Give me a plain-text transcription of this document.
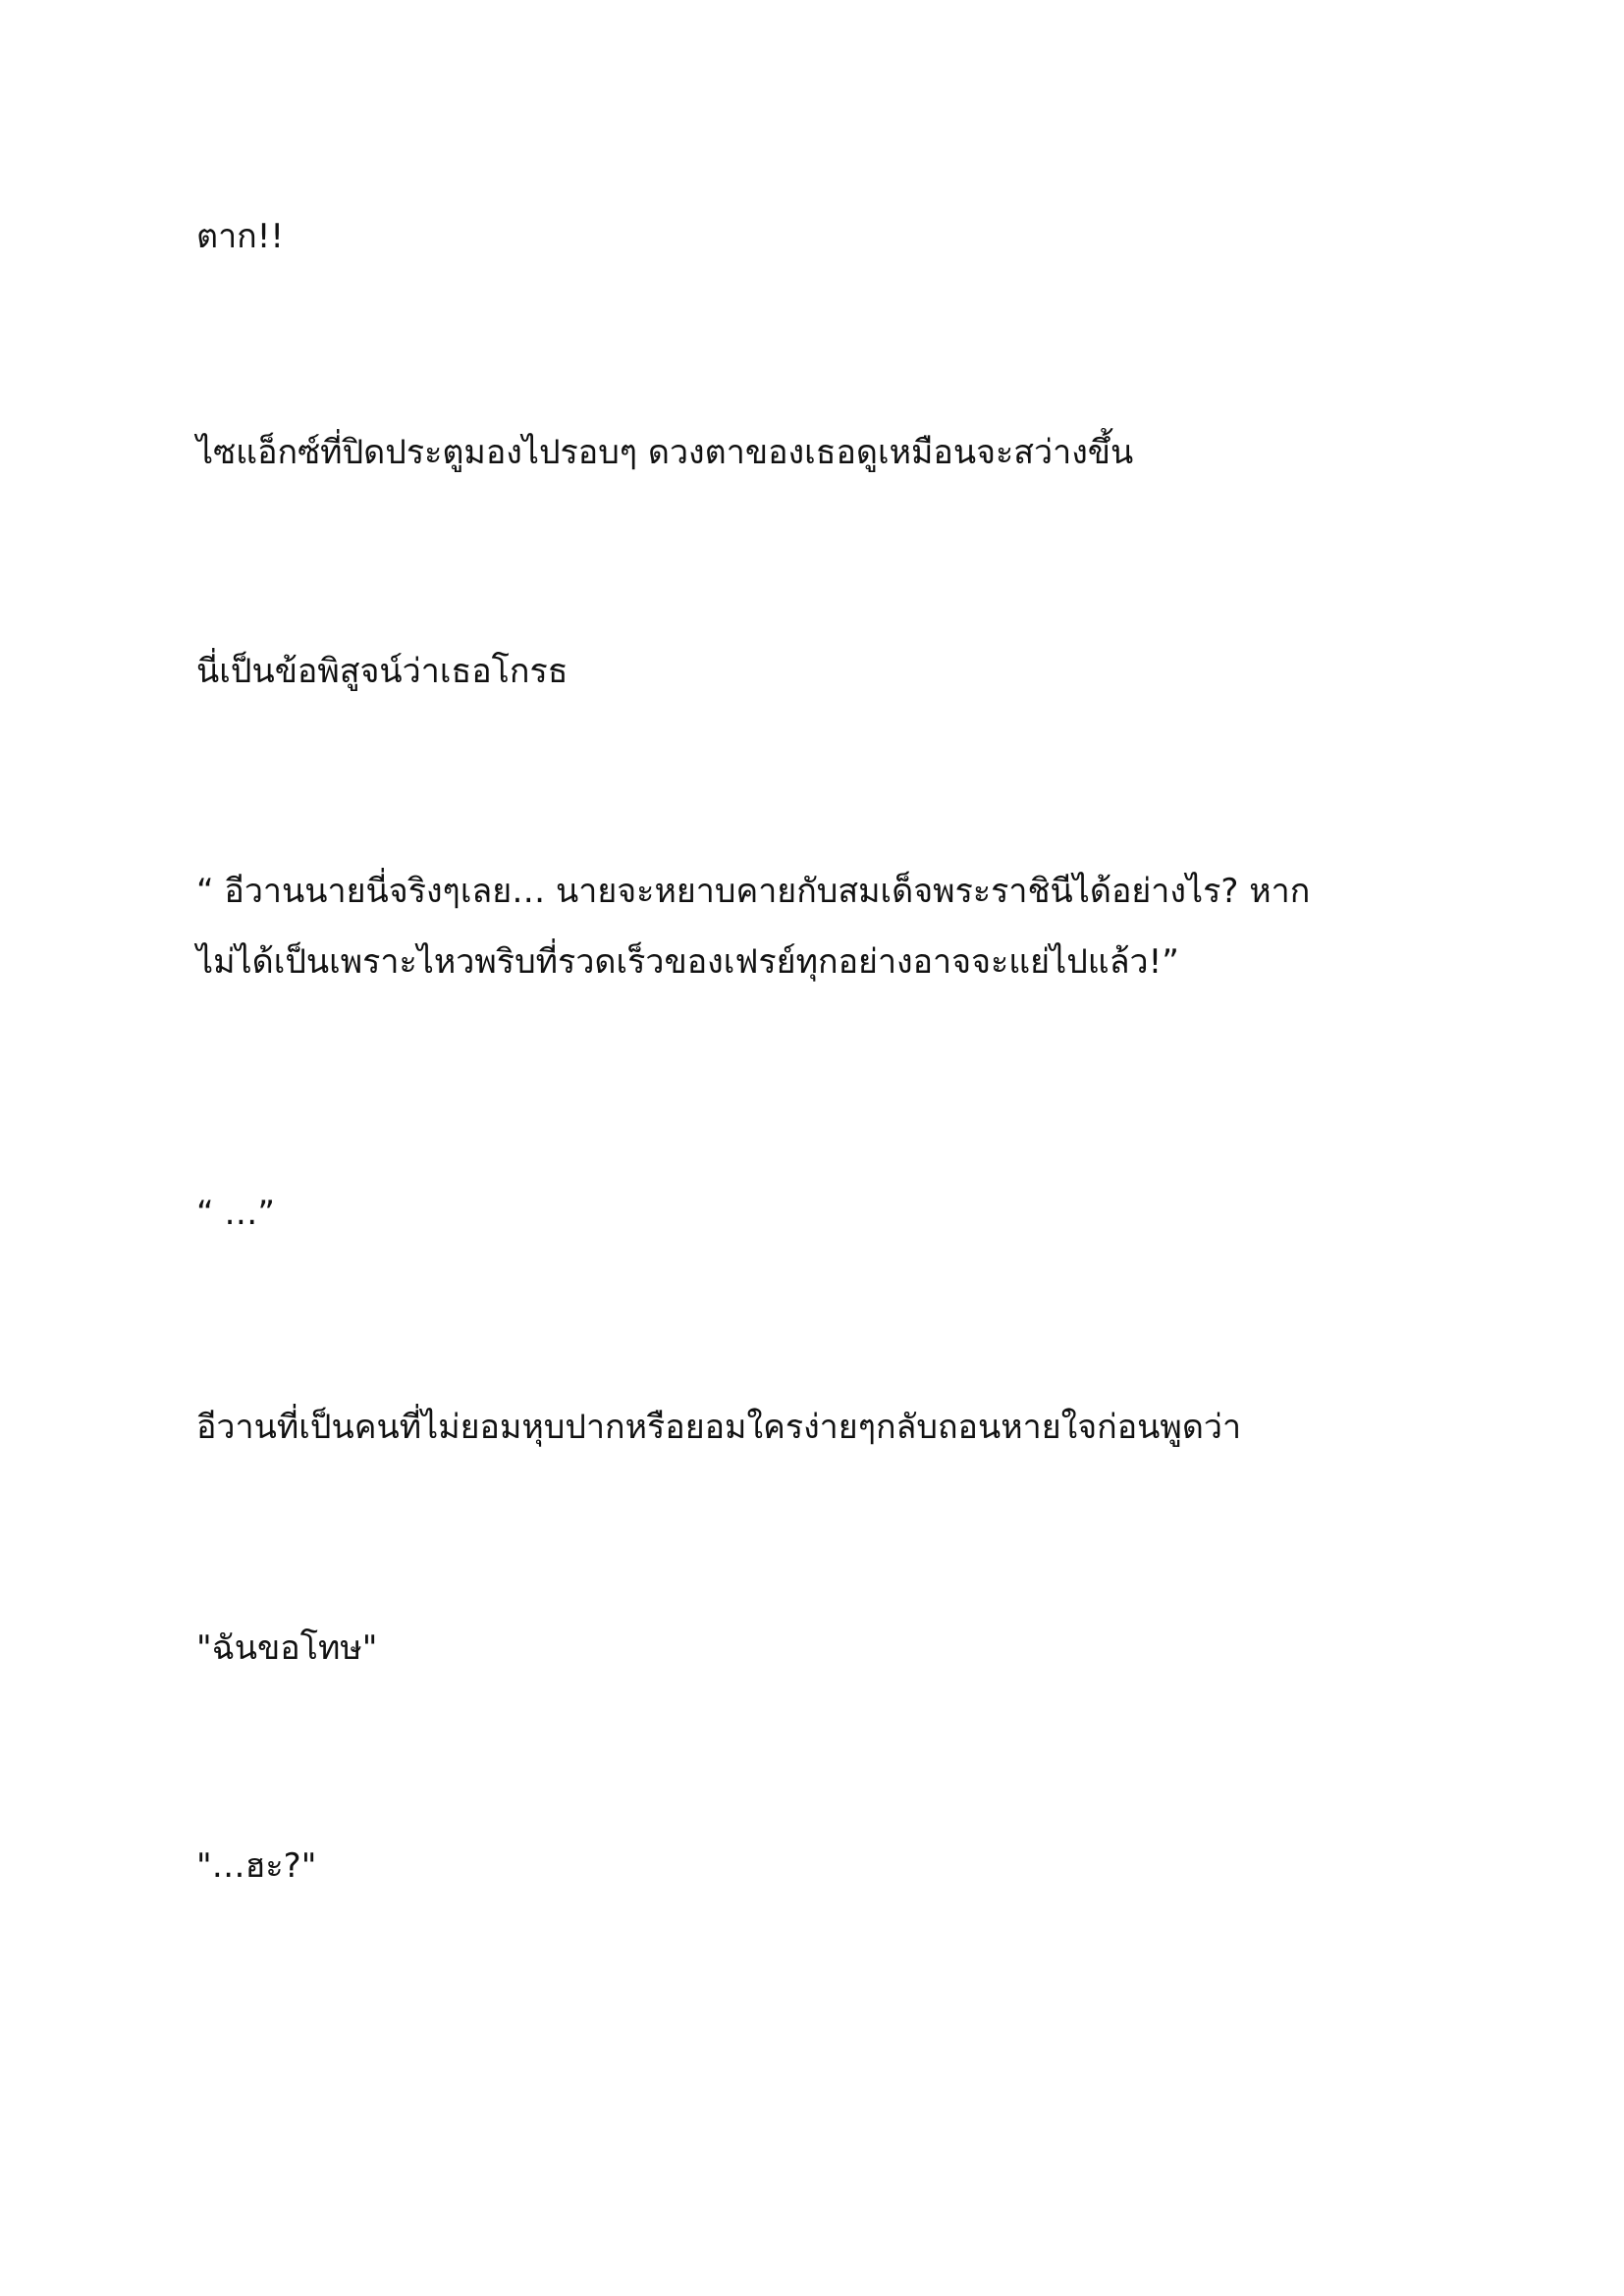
ตาก!!

ไซแอ็กซ์ที่ปิดประตูมองไปรอบๆ ดวงตาของเธอดูเหมือนจะสว่างขึ้น

นี่เป็นข้อพิสูจน์ว่าเธอโกรธ

“ อีวานนายนี่จริงๆเลย… นายจะหยาบคายกับสมเด็จพระราชินีได้อย่างไร? หาก
ไม่ได้เป็นเพราะไหวพริบที่รวดเร็วของเฟรย์ทุกอย่างอาจจะแย่ไปแล้ว!”

“ …”

อีวานที่เป็นคนที่ไม่ยอมหุบปากหรือยอมใครง่ายๆกลับถอนหายใจก่อนพูดว่า

"ฉันขอโทษ"

"…ฮะ?"
